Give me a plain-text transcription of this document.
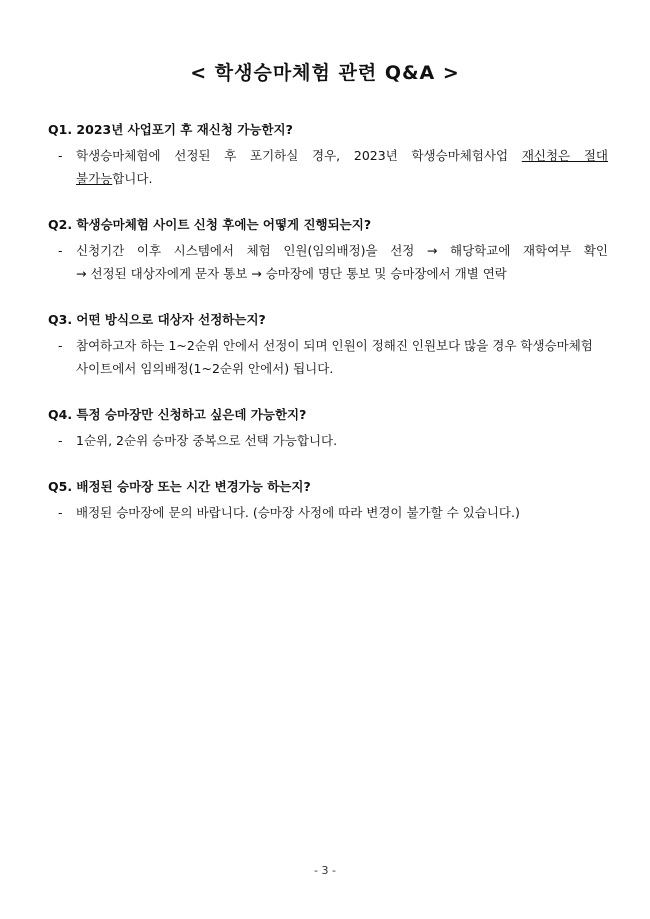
< 학생승마체험 관련 Q&A >
Q1. 2023년 사업포기 후 재신청 가능한지?
- 학생승마체험에 선정된 후 포기하실 경우, 2023년 학생승마체험사업 재신청은 절대
불가능합니다.
Q2. 학생승마체험 사이트 신청 후에는 어떻게 진행되는지?
- 신청기간 이후 시스템에서 체험 인원(임의배정)을 선정 → 해당학교에 재학여부 확인
→ 선정된 대상자에게 문자 통보 → 승마장에 명단 통보 및 승마장에서 개별 연락
Q3. 어떤 방식으로 대상자 선정하는지?
- 참여하고자 하는 1~2순위 안에서 선정이 되며 인원이 정해진 인원보다 많을 경우 학생승마체험
사이트에서 임의배정(1~2순위 안에서) 됩니다.
Q4. 특정 승마장만 신청하고 싶은데 가능한지?
- 1순위, 2순위 승마장 중복으로 선택 가능합니다.
Q5. 배정된 승마장 또는 시간 변경가능 하는지?
- 배정된 승마장에 문의 바랍니다. (승마장 사정에 따라 변경이 불가할 수 있습니다.)
- 3 -
